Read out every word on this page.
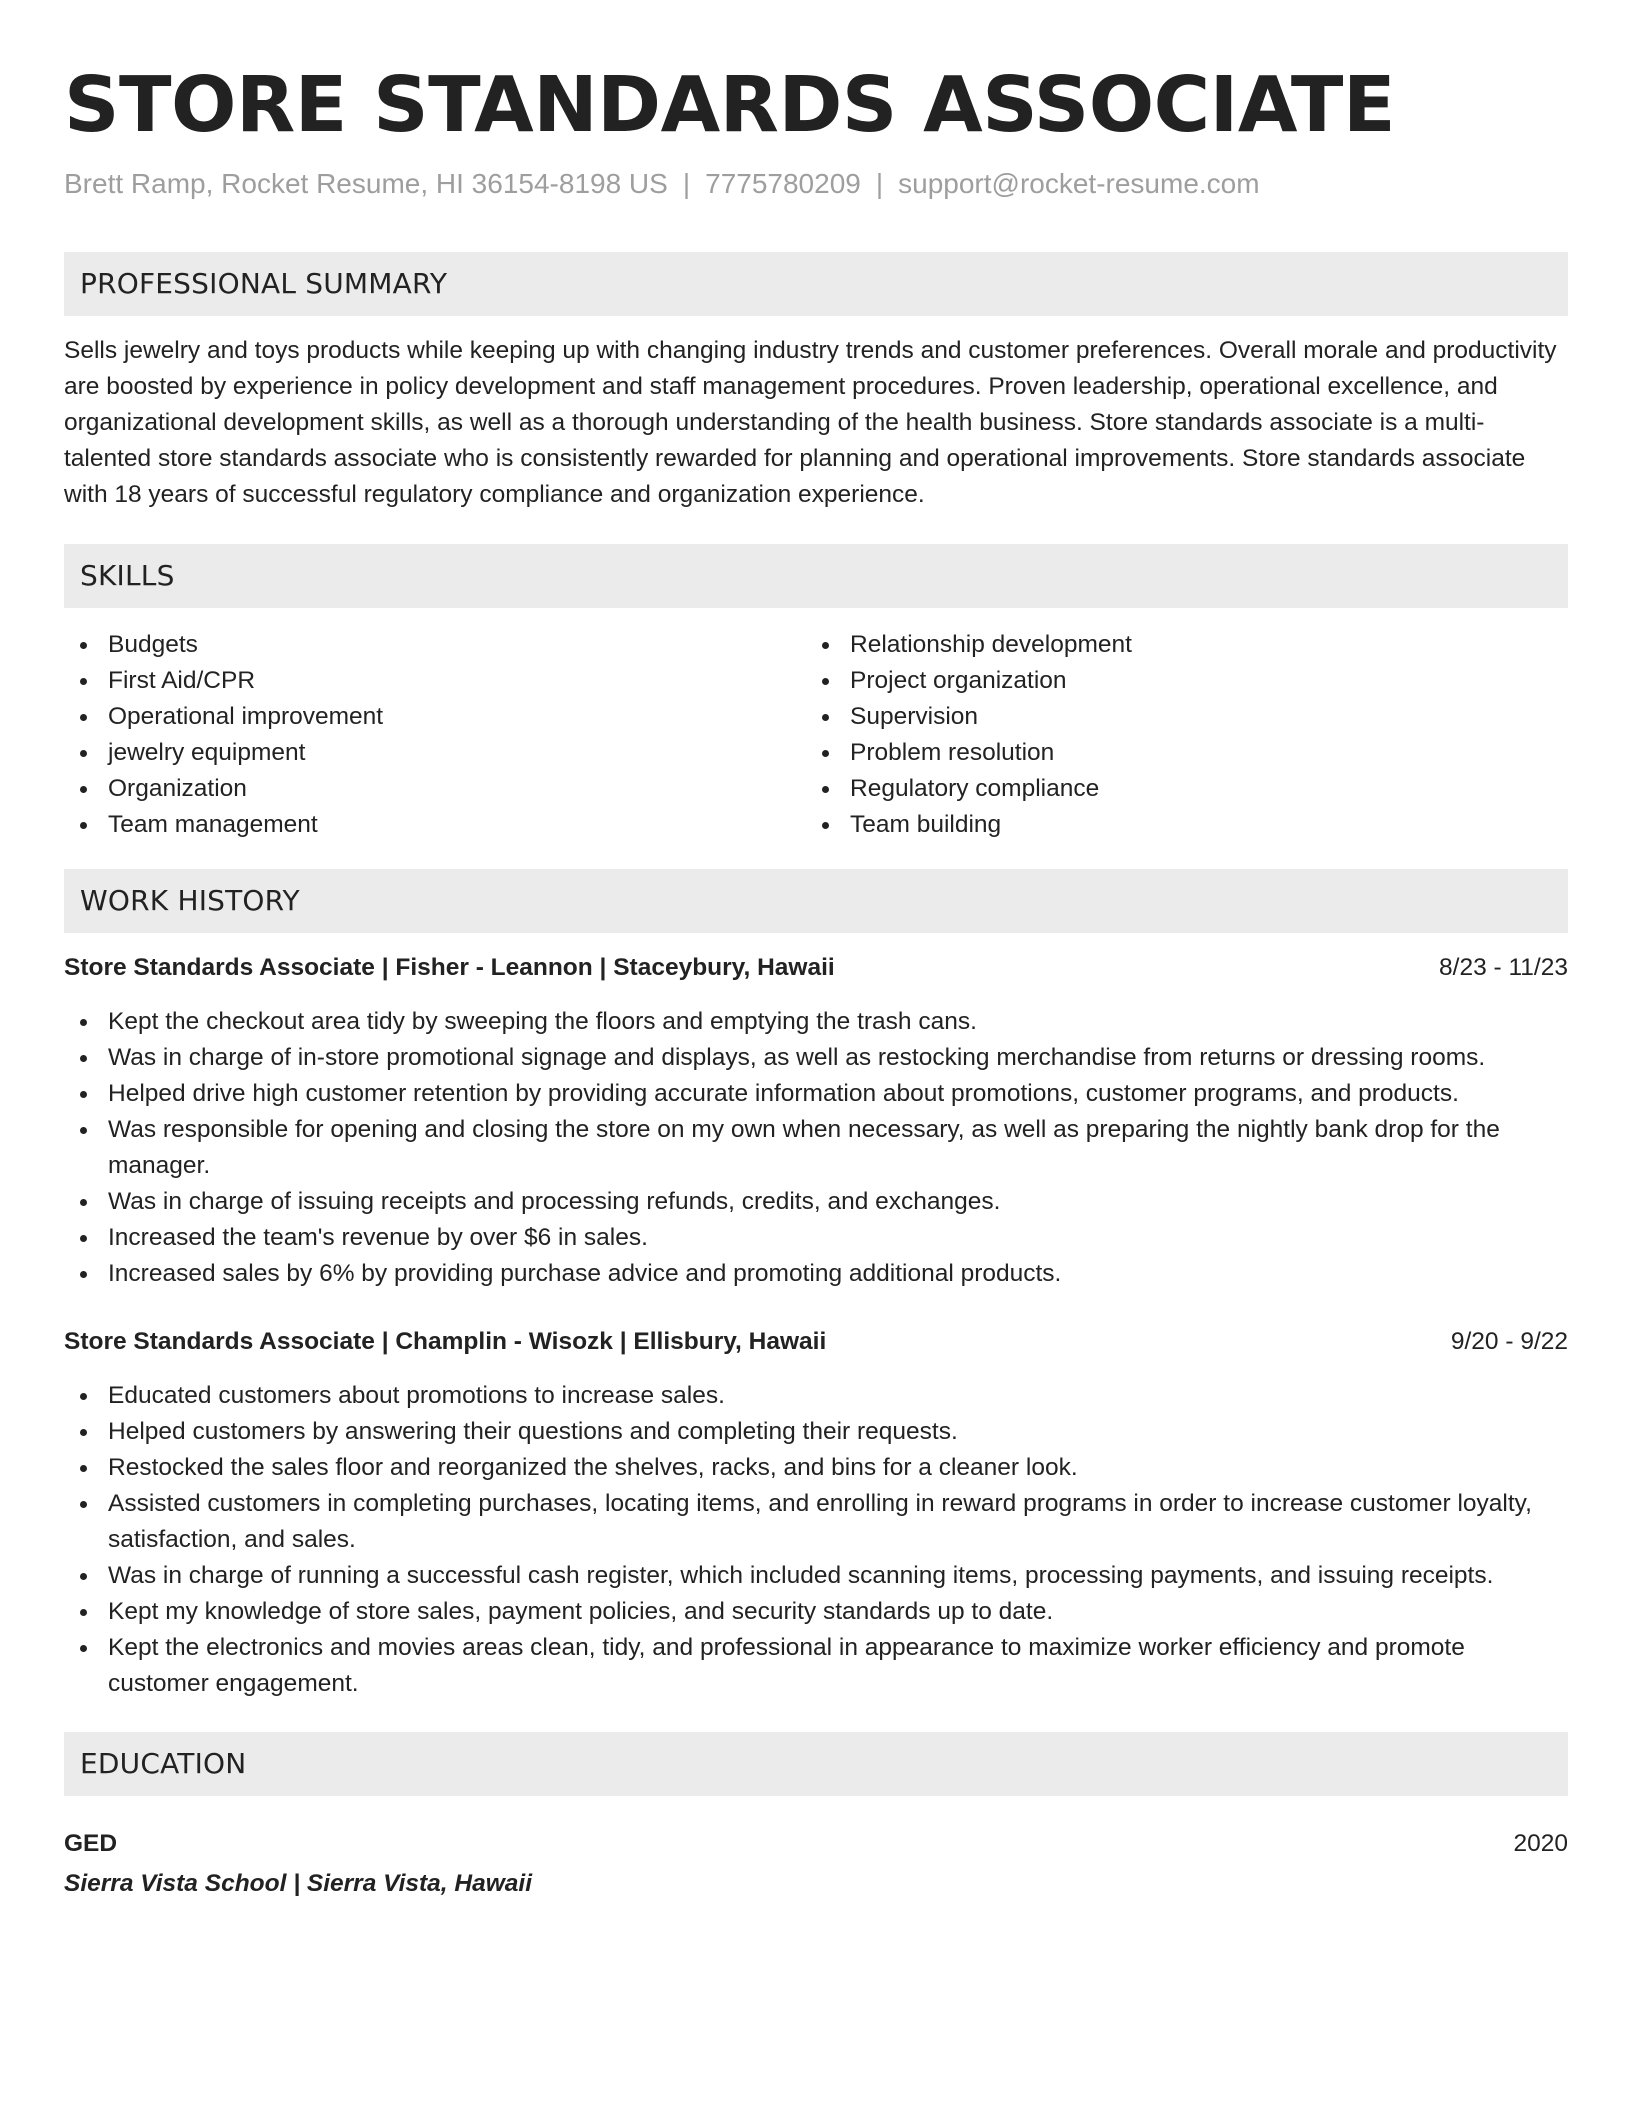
STORE STANDARDS ASSOCIATE
Brett Ramp, Rocket Resume, HI 36154-8198 US | 7775780209 | support@rocket-resume.com
PROFESSIONAL SUMMARY
Sells jewelry and toys products while keeping up with changing industry trends and customer preferences. Overall morale and productivity are boosted by experience in policy development and staff management procedures. Proven leadership, operational excellence, and organizational development skills, as well as a thorough understanding of the health business. Store standards associate is a multi-talented store standards associate who is consistently rewarded for planning and operational improvements. Store standards associate with 18 years of successful regulatory compliance and organization experience.
SKILLS
Budgets
First Aid/CPR
Operational improvement
jewelry equipment
Organization
Team management
Relationship development
Project organization
Supervision
Problem resolution
Regulatory compliance
Team building
WORK HISTORY
Store Standards Associate | Fisher - Leannon | Staceybury, Hawaii	8/23 - 11/23
Kept the checkout area tidy by sweeping the floors and emptying the trash cans.
Was in charge of in-store promotional signage and displays, as well as restocking merchandise from returns or dressing rooms.
Helped drive high customer retention by providing accurate information about promotions, customer programs, and products.
Was responsible for opening and closing the store on my own when necessary, as well as preparing the nightly bank drop for the manager.
Was in charge of issuing receipts and processing refunds, credits, and exchanges.
Increased the team's revenue by over $6 in sales.
Increased sales by 6% by providing purchase advice and promoting additional products.
Store Standards Associate | Champlin - Wisozk | Ellisbury, Hawaii	9/20 - 9/22
Educated customers about promotions to increase sales.
Helped customers by answering their questions and completing their requests.
Restocked the sales floor and reorganized the shelves, racks, and bins for a cleaner look.
Assisted customers in completing purchases, locating items, and enrolling in reward programs in order to increase customer loyalty, satisfaction, and sales.
Was in charge of running a successful cash register, which included scanning items, processing payments, and issuing receipts.
Kept my knowledge of store sales, payment policies, and security standards up to date.
Kept the electronics and movies areas clean, tidy, and professional in appearance to maximize worker efficiency and promote customer engagement.
EDUCATION
GED	2020
Sierra Vista School | Sierra Vista, Hawaii
